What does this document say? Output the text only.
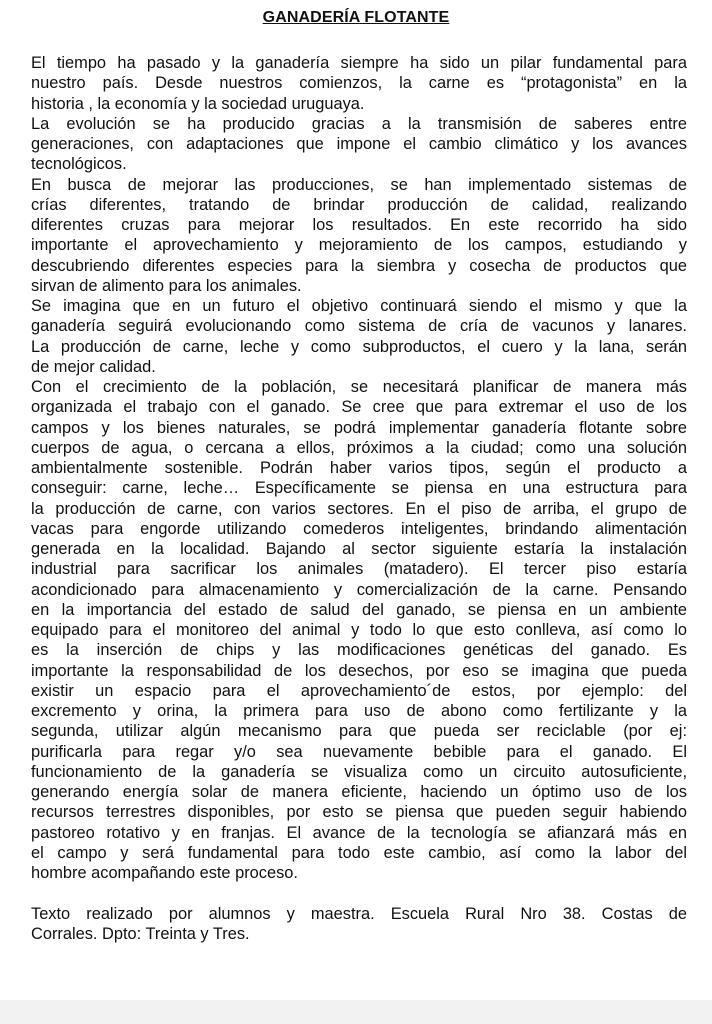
GANADERÍA FLOTANTE
El tiempo ha pasado y la ganadería siempre ha sido un pilar fundamental para
nuestro país. Desde nuestros comienzos, la carne es “protagonista” en la
historia , la economía y la sociedad uruguaya.
La evolución se ha producido gracias a la transmisión de saberes entre
generaciones, con adaptaciones que impone el cambio climático y los avances
tecnológicos.
En busca de mejorar las producciones, se han implementado sistemas de
crías diferentes, tratando de brindar producción de calidad, realizando
diferentes cruzas para mejorar los resultados. En este recorrido ha sido
importante el aprovechamiento y mejoramiento de los campos, estudiando y
descubriendo diferentes especies para la siembra y cosecha de productos que
sirvan de alimento para los animales.
Se imagina que en un futuro el objetivo continuará siendo el mismo y que la
ganadería seguirá evolucionando como sistema de cría de vacunos y lanares.
La producción de carne, leche y como subproductos, el cuero y la lana, serán
de mejor calidad.
Con el crecimiento de la población, se necesitará planificar de manera más
organizada el trabajo con el ganado. Se cree que para extremar el uso de los
campos y los bienes naturales, se podrá implementar ganadería flotante sobre
cuerpos de agua, o cercana a ellos, próximos a la ciudad; como una solución
ambientalmente sostenible. Podrán haber varios tipos, según el producto a
conseguir: carne, leche… Específicamente se piensa en una estructura para
la producción de carne, con varios sectores. En el piso de arriba, el grupo de
vacas para engorde utilizando comederos inteligentes, brindando alimentación
generada en la localidad. Bajando al sector siguiente estaría la instalación
industrial para sacrificar los animales (matadero). El tercer piso estaría
acondicionado para almacenamiento y comercialización de la carne. Pensando
en la importancia del estado de salud del ganado, se piensa en un ambiente
equipado para el monitoreo del animal y todo lo que esto conlleva, así como lo
es la inserción de chips y las modificaciones genéticas del ganado. Es
importante la responsabilidad de los desechos, por eso se imagina que pueda
existir un espacio para el aprovechamiento´de estos, por ejemplo: del
excremento y orina, la primera para uso de abono como fertilizante y la
segunda, utilizar algún mecanismo para que pueda ser reciclable (por ej:
purificarla para regar y/o sea nuevamente bebible para el ganado. El
funcionamiento de la ganadería se visualiza como un circuito autosuficiente,
generando energía solar de manera eficiente, haciendo un óptimo uso de los
recursos terrestres disponibles, por esto se piensa que pueden seguir habiendo
pastoreo rotativo y en franjas. El avance de la tecnología se afianzará más en
el campo y será fundamental para todo este cambio, así como la labor del
hombre acompañando este proceso.
Texto realizado por alumnos y maestra. Escuela Rural Nro 38. Costas de
Corrales. Dpto: Treinta y Tres.
